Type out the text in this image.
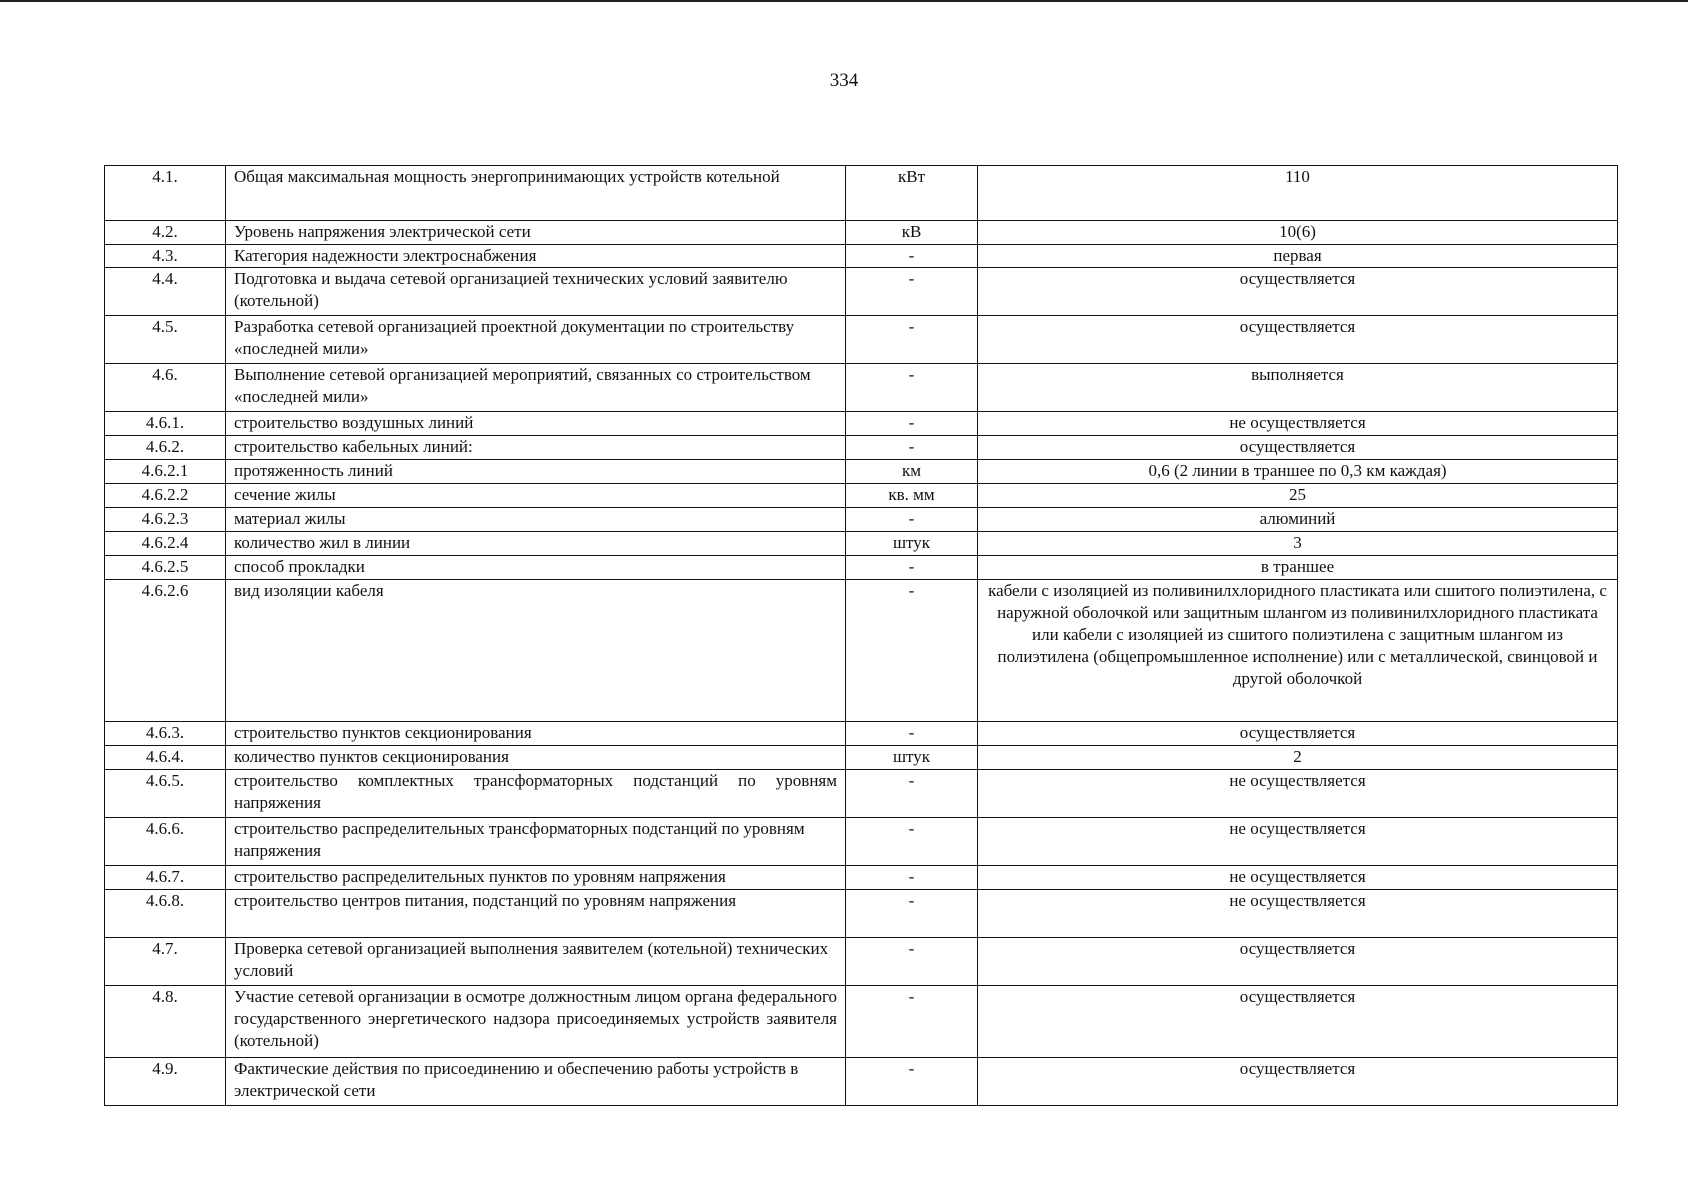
334
4.1.	Общая максимальная мощность энергопринимающих устройств котельной	кВт	110
4.2.	Уровень напряжения электрической сети	кВ	10(6)
4.3.	Категория надежности электроснабжения	-	первая
4.4.	Подготовка и выдача сетевой организацией технических условий заявителю (котельной)	-	осуществляется
4.5.	Разработка сетевой организацией проектной документации по строительству «последней мили»	-	осуществляется
4.6.	Выполнение сетевой организацией мероприятий, связанных со строительством «последней мили»	-	выполняется
4.6.1.	строительство воздушных линий	-	не осуществляется
4.6.2.	строительство кабельных линий:	-	осуществляется
4.6.2.1	протяженность линий	км	0,6 (2 линии в траншее по 0,3 км каждая)
4.6.2.2	сечение жилы	кв. мм	25
4.6.2.3	материал жилы	-	алюминий
4.6.2.4	количество жил в линии	штук	3
4.6.2.5	способ прокладки	-	в траншее
4.6.2.6	вид изоляции кабеля	-	кабели с изоляцией из поливинилхлоридного пластиката или сшитого полиэтилена, с наружной оболочкой или защитным шлангом из поливинилхлоридного пластиката или кабели с изоляцией из сшитого полиэтилена с защитным шлангом из полиэтилена (общепромышленное исполнение) или с металлической, свинцовой и другой оболочкой
4.6.3.	строительство пунктов секционирования	-	осуществляется
4.6.4.	количество пунктов секционирования	штук	2
4.6.5.	строительство комплектных трансформаторных подстанций по уровням напряжения	-	не осуществляется
4.6.6.	строительство распределительных трансформаторных подстанций по уровням напряжения	-	не осуществляется
4.6.7.	строительство распределительных пунктов по уровням напряжения	-	не осуществляется
4.6.8.	строительство центров питания, подстанций по уровням напряжения	-	не осуществляется
4.7.	Проверка сетевой организацией выполнения заявителем (котельной) технических условий	-	осуществляется
4.8.	Участие сетевой организации в осмотре должностным лицом органа федерального государственного энергетического надзора присоединяемых устройств заявителя (котельной)	-	осуществляется
4.9.	Фактические действия по присоединению и обеспечению работы устройств в электрической сети	-	осуществляется
